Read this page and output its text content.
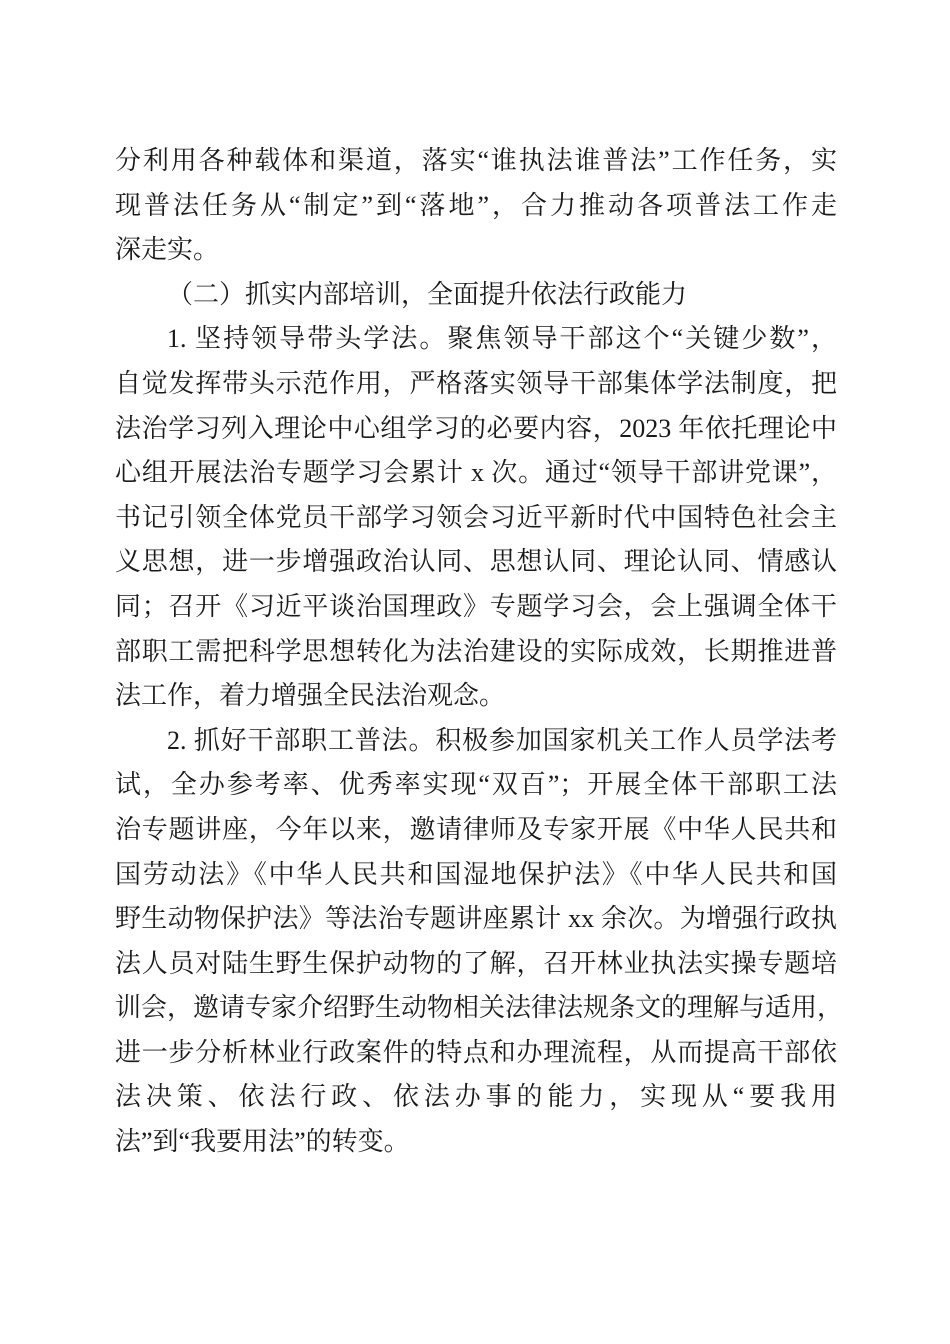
分利用各种载体和渠道，落实“谁执法谁普法”工作任务，实
现普法任务从“制定”到“落地”，合力推动各项普法工作走
深走实。
（二）抓实内部培训，全面提升依法行政能力
1. 坚持领导带头学法。聚焦领导干部这个“关键少数”，
自觉发挥带头示范作用，严格落实领导干部集体学法制度，把
法治学习列入理论中心组学习的必要内容，2023 年依托理论中
心组开展法治专题学习会累计 x 次。通过“领导干部讲党课”，
书记引领全体党员干部学习领会习近平新时代中国特色社会主
义思想，进一步增强政治认同、思想认同、理论认同、情感认
同；召开《习近平谈治国理政》专题学习会，会上强调全体干
部职工需把科学思想转化为法治建设的实际成效，长期推进普
法工作，着力增强全民法治观念。
2. 抓好干部职工普法。积极参加国家机关工作人员学法考
试，全办参考率、优秀率实现“双百”；开展全体干部职工法
治专题讲座，今年以来，邀请律师及专家开展《中华人民共和
国劳动法》《中华人民共和国湿地保护法》《中华人民共和国
野生动物保护法》等法治专题讲座累计 xx 余次。为增强行政执
法人员对陆生野生保护动物的了解，召开林业执法实操专题培
训会，邀请专家介绍野生动物相关法律法规条文的理解与适用，
进一步分析林业行政案件的特点和办理流程，从而提高干部依
法决策、依法行政、依法办事的能力，实现从“要我用
法”到“我要用法”的转变。
